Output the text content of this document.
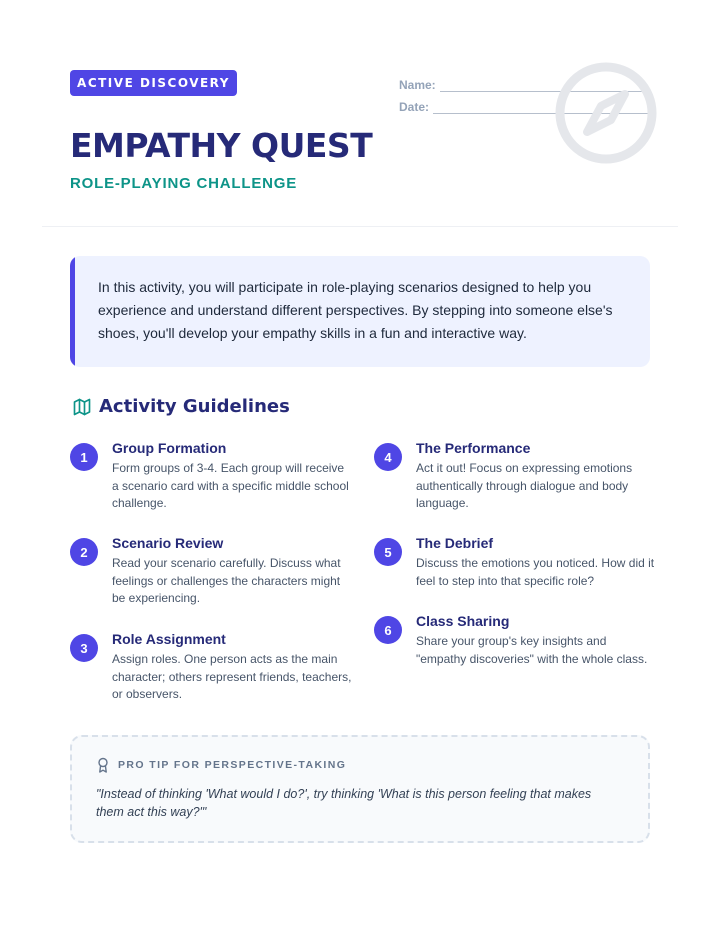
ACTIVE DISCOVERY	Name:
Date:
EMPATHY QUEST
ROLE-PLAYING CHALLENGE

In this activity, you will participate in role-playing scenarios designed to help you experience and understand different perspectives. By stepping into someone else's shoes, you'll develop your empathy skills in a fun and interactive way.

Activity Guidelines
1
Group Formation
Form groups of 3-4. Each group will receive a scenario card with a specific middle school challenge.
2
Scenario Review
Read your scenario carefully. Discuss what feelings or challenges the characters might be experiencing.
3
Role Assignment
Assign roles. One person acts as the main character; others represent friends, teachers, or observers.
4
The Performance
Act it out! Focus on expressing emotions authentically through dialogue and body language.
5
The Debrief
Discuss the emotions you noticed. How did it feel to step into that specific role?
6
Class Sharing
Share your group's key insights and "empathy discoveries" with the whole class.
PRO TIP FOR PERSPECTIVE-TAKING
"Instead of thinking 'What would I do?', try thinking 'What is this person feeling that makes them act this way?'"
